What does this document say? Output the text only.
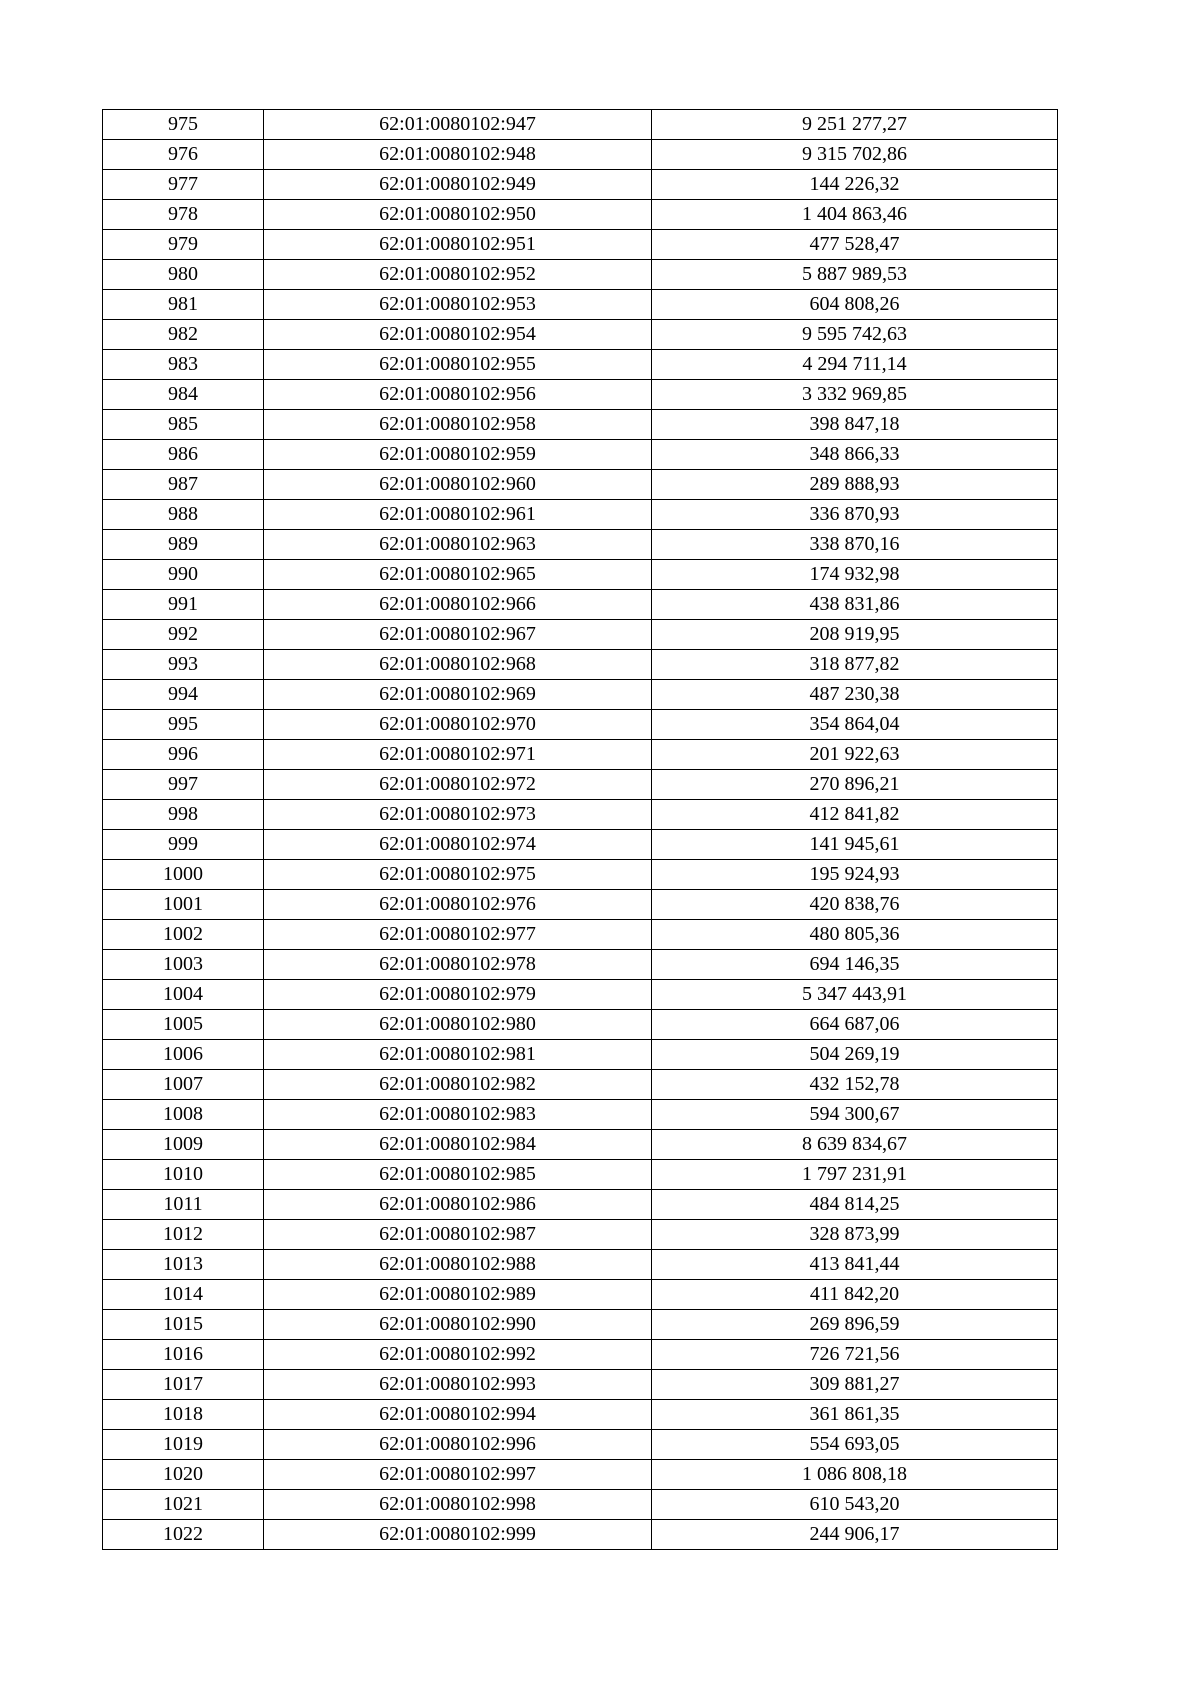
975	62:01:0080102:947	9 251 277,27
976	62:01:0080102:948	9 315 702,86
977	62:01:0080102:949	144 226,32
978	62:01:0080102:950	1 404 863,46
979	62:01:0080102:951	477 528,47
980	62:01:0080102:952	5 887 989,53
981	62:01:0080102:953	604 808,26
982	62:01:0080102:954	9 595 742,63
983	62:01:0080102:955	4 294 711,14
984	62:01:0080102:956	3 332 969,85
985	62:01:0080102:958	398 847,18
986	62:01:0080102:959	348 866,33
987	62:01:0080102:960	289 888,93
988	62:01:0080102:961	336 870,93
989	62:01:0080102:963	338 870,16
990	62:01:0080102:965	174 932,98
991	62:01:0080102:966	438 831,86
992	62:01:0080102:967	208 919,95
993	62:01:0080102:968	318 877,82
994	62:01:0080102:969	487 230,38
995	62:01:0080102:970	354 864,04
996	62:01:0080102:971	201 922,63
997	62:01:0080102:972	270 896,21
998	62:01:0080102:973	412 841,82
999	62:01:0080102:974	141 945,61
1000	62:01:0080102:975	195 924,93
1001	62:01:0080102:976	420 838,76
1002	62:01:0080102:977	480 805,36
1003	62:01:0080102:978	694 146,35
1004	62:01:0080102:979	5 347 443,91
1005	62:01:0080102:980	664 687,06
1006	62:01:0080102:981	504 269,19
1007	62:01:0080102:982	432 152,78
1008	62:01:0080102:983	594 300,67
1009	62:01:0080102:984	8 639 834,67
1010	62:01:0080102:985	1 797 231,91
1011	62:01:0080102:986	484 814,25
1012	62:01:0080102:987	328 873,99
1013	62:01:0080102:988	413 841,44
1014	62:01:0080102:989	411 842,20
1015	62:01:0080102:990	269 896,59
1016	62:01:0080102:992	726 721,56
1017	62:01:0080102:993	309 881,27
1018	62:01:0080102:994	361 861,35
1019	62:01:0080102:996	554 693,05
1020	62:01:0080102:997	1 086 808,18
1021	62:01:0080102:998	610 543,20
1022	62:01:0080102:999	244 906,17
